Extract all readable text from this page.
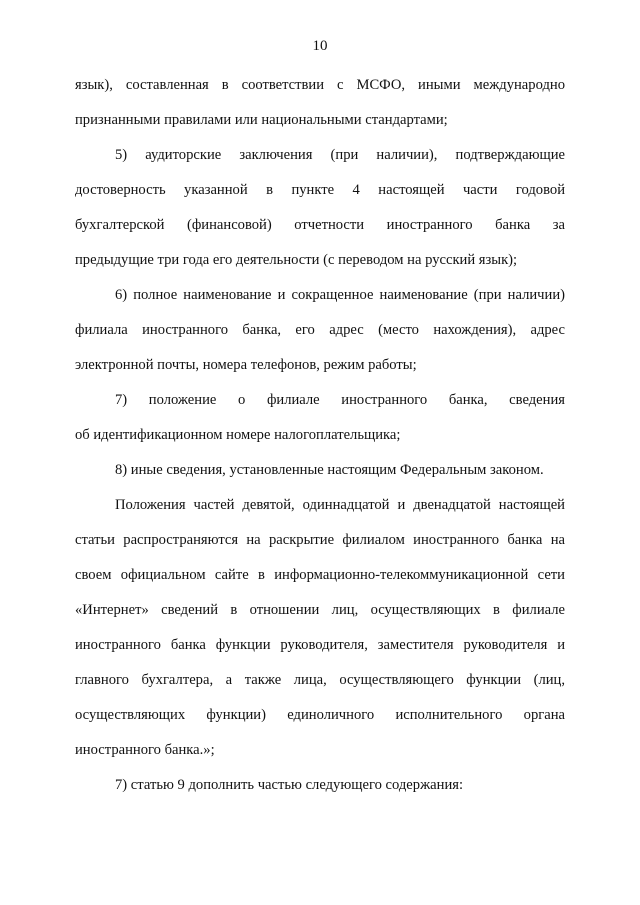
10
язык), составленная в соответствии с МСФО, иными международно
признанными правилами или национальными стандартами;
5) аудиторские заключения (при наличии), подтверждающие
достоверность указанной в пункте 4 настоящей части годовой
бухгалтерской (финансовой) отчетности иностранного банка за
предыдущие три года его деятельности (с переводом на русский язык);
6) полное наименование и сокращенное наименование (при наличии)
филиала иностранного банка, его адрес (место нахождения), адрес
электронной почты, номера телефонов, режим работы;
7) положение о филиале иностранного банка, сведения
об идентификационном номере налогоплательщика;
8) иные сведения, установленные настоящим Федеральным законом.
Положения частей девятой, одиннадцатой и двенадцатой настоящей
статьи распространяются на раскрытие филиалом иностранного банка на
своем официальном сайте в информационно-телекоммуникационной сети
«Интернет» сведений в отношении лиц, осуществляющих в филиале
иностранного банка функции руководителя, заместителя руководителя и
главного бухгалтера, а также лица, осуществляющего функции (лиц,
осуществляющих функции) единоличного исполнительного органа
иностранного банка.»;
7) статью 9 дополнить частью следующего содержания:
